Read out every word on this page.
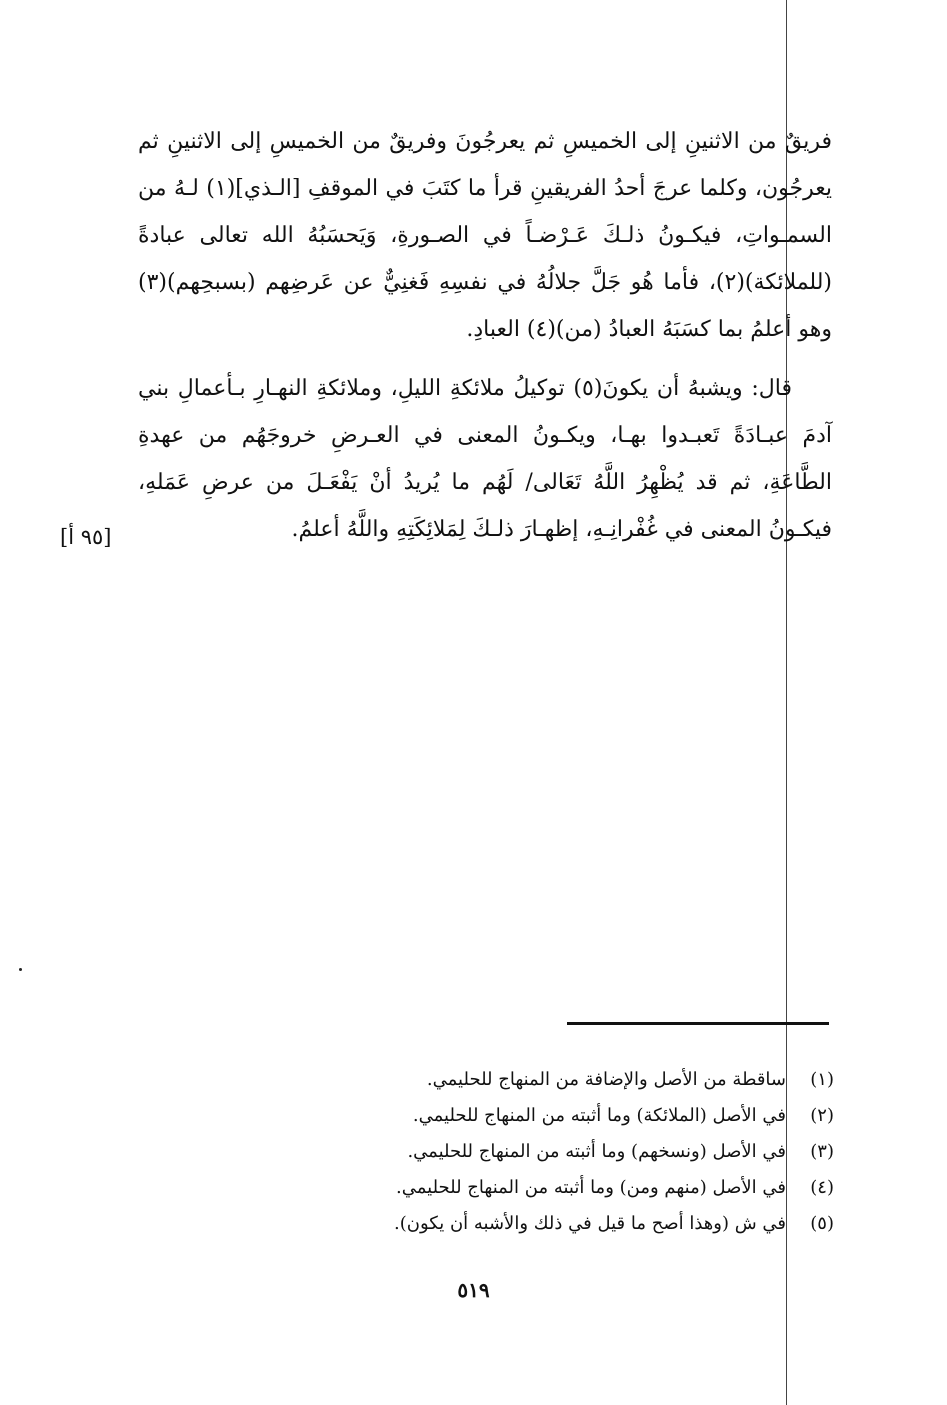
فريقٌ من الاثنينِ إلى الخميسِ ثم يعرجُونَ وفريقٌ من الخميسِ إلى الاثنينِ ثم يعرجُون، وكلما عرجَ أحدُ الفريقينِ قرأ ما كتَبَ في الموقفِ [الـذي](١) لـهُ من السمـواتِ، فيكـونُ ذلـكَ عَـرْضـاً في الصـورةِ، وَيَحسَبُهُ الله تعالى عبادةً (للملائكة)(٢)، فأما هُو جَلَّ جلالُهُ في نفسِهِ فَغنِيٌّ عن عَرضِهم (بسبحِهم)(٣) وهو أعلمُ بما كسَبَهُ العبادُ (من)(٤) العبادِ.

قال: ويشبهُ أن يكونَ(٥) توكيلُ ملائكةِ الليلِ، وملائكةِ النهـارِ بـأعمالِ بني آدمَ عبـادَةً تَعبـدوا بهـا، ويكـونُ المعنى في العـرضِ خروجَهُم من عهدةِ الطَّاعَةِ، ثم قد يُظْهِرُ اللَّهُ تَعَالى/ لَهُم ما يُريدُ أنْ يَفْعَـلَ من عرضِ عَمَلهِ، فيكـونُ المعنى في غُفْرانِـهِ، إظهـارَ ذلـكَ لِمَلائِكَتِهِ واللَّهُ أعلمُ.

[٩٥ أ]
(١)
ساقطة من الأصل والإضافة من المنهاج للحليمي.
(٢)
في الأصل (الملائكة) وما أثبته من المنهاج للحليمي.
(٣)
في الأصل (ونسخهم) وما أثبته من المنهاج للحليمي.
(٤)
في الأصل (منهم ومن) وما أثبته من المنهاج للحليمي.
(٥)
في ش (وهذا أصح ما قيل في ذلك والأشبه أن يكون).
٥١٩
